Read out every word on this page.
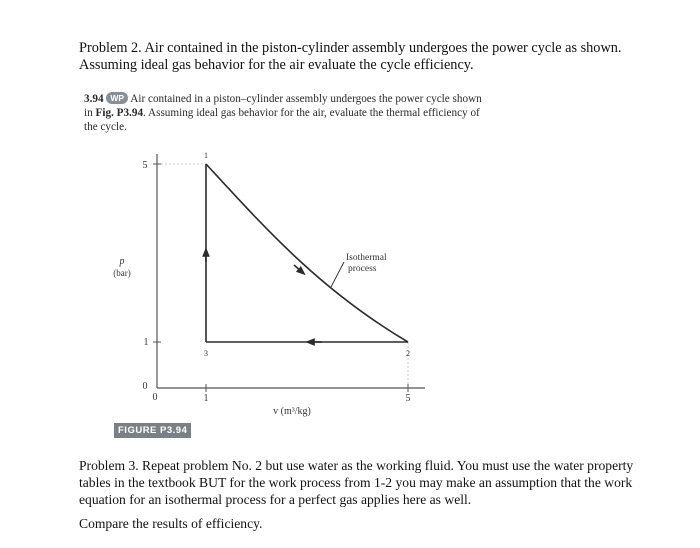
Problem 2. Air contained in the piston-cylinder assembly undergoes the power cycle as shown. Assuming ideal gas behavior for the air evaluate the cycle efficiency.
3.94 WP Air contained in a piston–cylinder assembly undergoes the power cycle shown in Fig. P3.94. Assuming ideal gas behavior for the air, evaluate the thermal efficiency of the cycle.
5
1
0
0	1	5
1
2
3
p
(bar)
v (m³/kg)
Isothermal
process
FIGURE P3.94
Problem 3. Repeat problem No. 2 but use water as the working fluid. You must use the water property tables in the textbook BUT for the work process from 1-2 you may make an assumption that the work equation for an isothermal process for a perfect gas applies here as well.
Compare the results of efficiency.
